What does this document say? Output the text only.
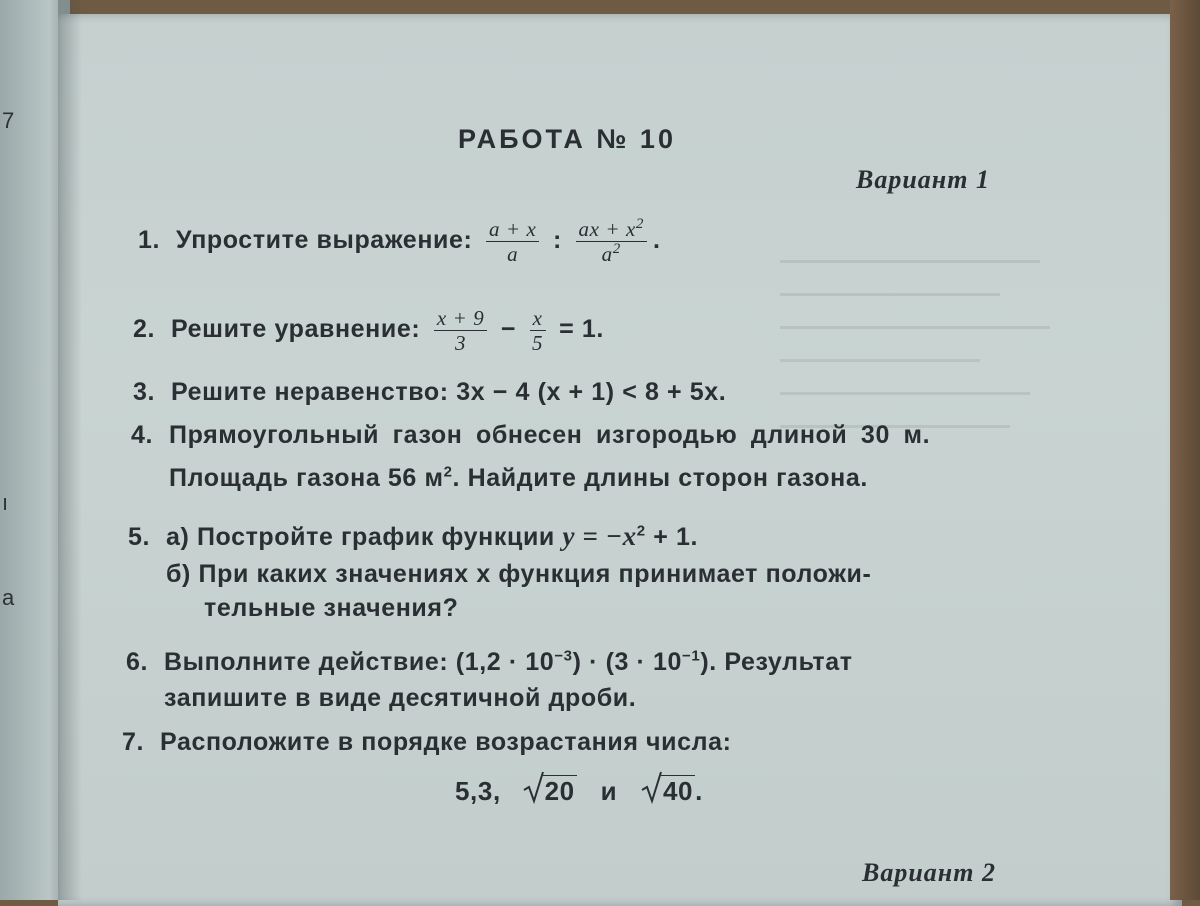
7
ı
a
РАБОТА № 10
Вариант 1
1. Упростите выражение: $\frac{a + x}{a}$ : $\frac{ax + x^2}{a^2}$ .
2. Решите уравнение: $\frac{x + 9}{3} - \frac{x}{5} = 1$.
3. Решите неравенство: 3x − 4 (x + 1) < 8 + 5x.
4. Прямоугольный газон обнесен изгородью длиной 30 м.
Площадь газона 56 $м^2$. Найдите длины сторон газона.
5. а) Постройте график функции $y = -x^2 + 1$.
б) При каких значениях x функция принимает положи-
тельные значения?
6. Выполните действие: $(1,2 \cdot 10^{-3}) \cdot (3 \cdot 10^{-1})$. Результат
запишите в виде десятичной дроби.
7. Расположите в порядке возрастания числа:
5,3, 20 и 40.
Вариант 2
